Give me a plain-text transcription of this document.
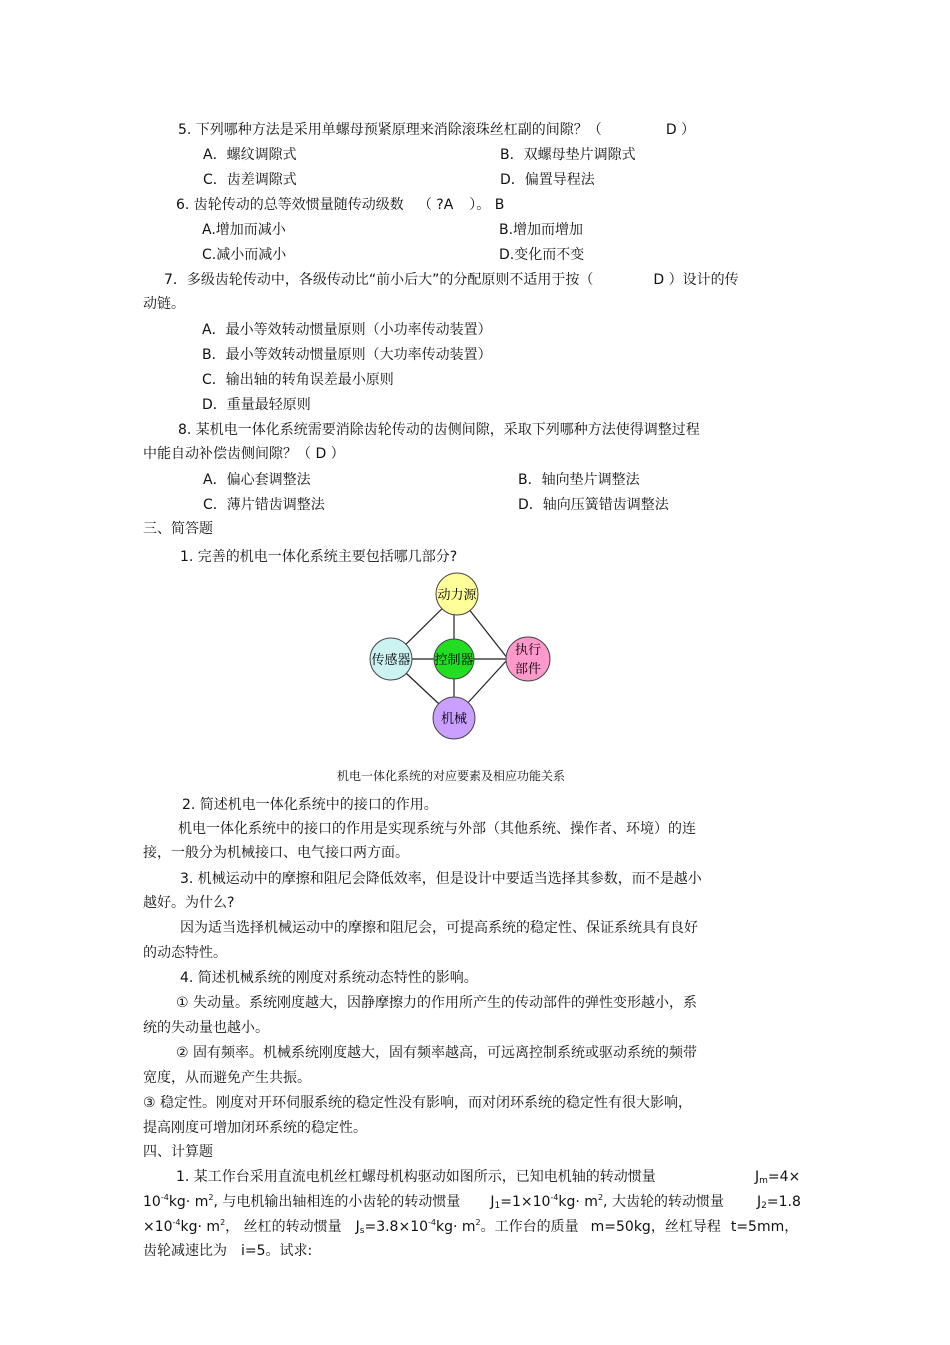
5. 下列哪种方法是采用单螺母预紧原理来消除滚珠丝杠副的间隙？（	D ）
A．螺纹调隙式	B．双螺母垫片调隙式
C．齿差调隙式	D．偏置导程法
6. 齿轮传动的总等效惯量随传动级数 （ ?A ）。 B
A.增加而减小	B.增加而增加
C.减小而减小	D.变化而不变
7．多级齿轮传动中，各级传动比“前小后大”的分配原则不适用于按（	D ）设计的传
动链。
A．最小等效转动惯量原则（小功率传动装置）
B．最小等效转动惯量原则（大功率传动装置）
C．输出轴的转角误差最小原则
D．重量最轻原则
8. 某机电一体化系统需要消除齿轮传动的齿侧间隙，采取下列哪种方法使得调整过程
中能自动补偿齿侧间隙？（ D ）
A．偏心套调整法	B．轴向垫片调整法
C．薄片错齿调整法	D．轴向压簧错齿调整法
三、简答题
1. 完善的机电一体化系统主要包括哪几部分?
动力源
传感器 控制器
执行
部件
机械
机电一体化系统的对应要素及相应功能关系
2. 简述机电一体化系统中的接口的作用。
机电一体化系统中的接口的作用是实现系统与外部（其他系统、操作者、环境）的连
接，一般分为机械接口、电气接口两方面。
3. 机械运动中的摩擦和阻尼会降低效率，但是设计中要适当选择其参数，而不是越小
越好。为什么?
因为适当选择机械运动中的摩擦和阻尼会，可提高系统的稳定性、保证系统具有良好
的动态特性。
4. 简述机械系统的刚度对系统动态特性的影响。
① 失动量。系统刚度越大，因静摩擦力的作用所产生的传动部件的弹性变形越小，系
统的失动量也越小。
② 固有频率。机械系统刚度越大，固有频率越高，可远离控制系统或驱动系统的频带
宽度，从而避免产生共振。
③ 稳定性。刚度对开环伺服系统的稳定性没有影响，而对闭环系统的稳定性有很大影响，
提高刚度可增加闭环系统的稳定性。
四、计算题
1. 某工作台采用直流电机丝杠螺母机构驱动如图所示，已知电机轴的转动惯量	$J_m=4\times$
$10^{-4}kg\cdot m^2$, 与电机输出轴相连的小齿轮的转动惯量 $J_1=1\times 10^{-4}kg\cdot m^2$, 大齿轮的转动惯量 $J_2=1.8$
$\times 10^{-4}kg\cdot m^2$， 丝杠的转动惯量 $J_s=3.8\times 10^{-4}kg\cdot m^2$。工作台的质量 m=50kg，丝杠导程 t=5mm，
齿轮减速比为 i=5。试求:
